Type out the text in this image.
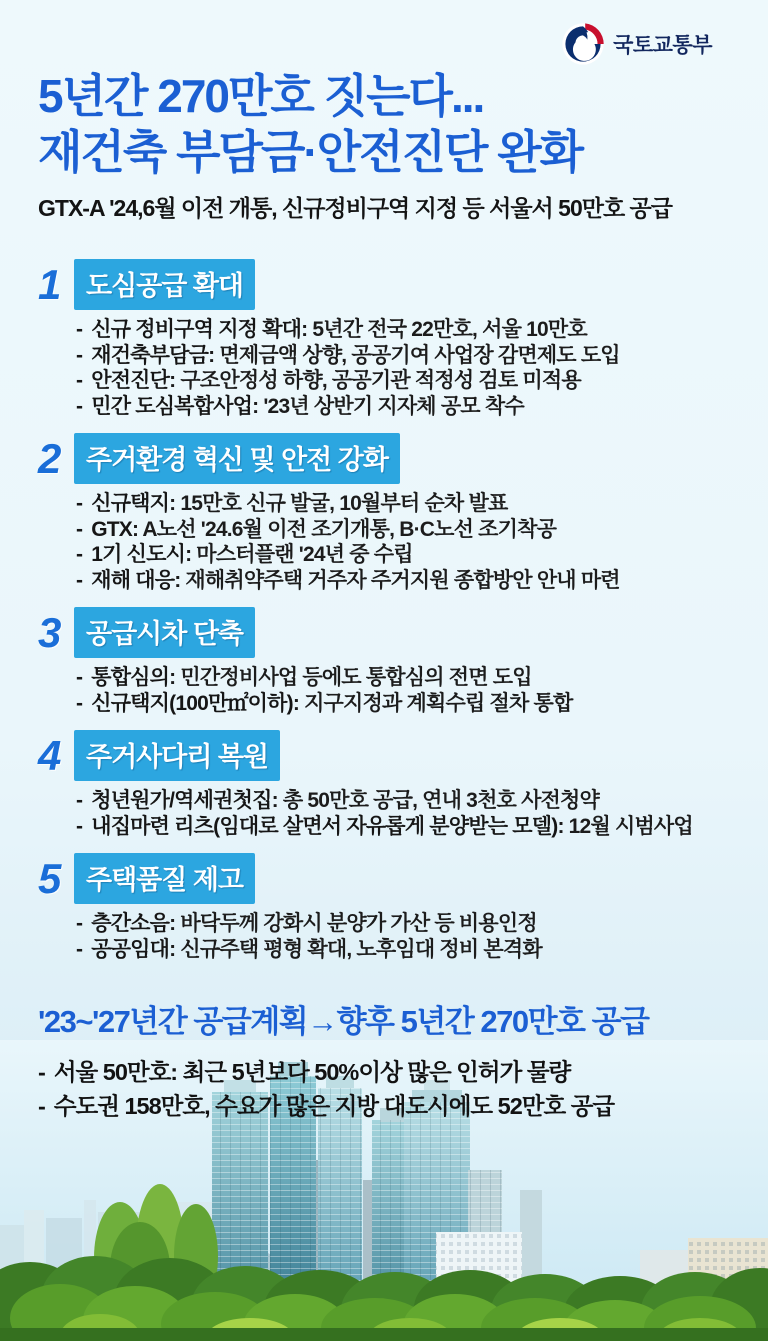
국토교통부
5년간 270만호 짓는다...
재건축 부담금·안전진단 완화

GTX-A '24,6월 이전 개통, 신규정비구역 지정 등 서울서 50만호 공급

1 도심공급 확대
- 신규 정비구역 지정 확대: 5년간 전국 22만호, 서울 10만호
- 재건축부담금: 면제금액 상향, 공공기여 사업장 감면제도 도입
- 안전진단: 구조안정성 하향, 공공기관 적정성 검토 미적용
- 민간 도심복합사업: '23년 상반기 지자체 공모 착수
2 주거환경 혁신 및 안전 강화
- 신규택지: 15만호 신규 발굴, 10월부터 순차 발표
- GTX: A노선 '24.6월 이전 조기개통, B·C노선 조기착공
- 1기 신도시: 마스터플랜 '24년 중 수립
- 재해 대응: 재해취약주택 거주자 주거지원 종합방안 안내 마련
3 공급시차 단축
- 통합심의: 민간정비사업 등에도 통합심의 전면 도입
- 신규택지(100만㎡이하): 지구지정과 계획수립 절차 통합
4 주거사다리 복원
- 청년원가/역세권첫집: 총 50만호 공급, 연내 3천호 사전청약
- 내집마련 리츠(임대로 살면서 자유롭게 분양받는 모델): 12월 시범사업
5 주택품질 제고
- 층간소음: 바닥두께 강화시 분양가 가산 등 비용인정
- 공공임대: 신규주택 평형 확대, 노후임대 정비 본격화
'23~'27년간 공급계획→향후 5년간 270만호 공급
- 서울 50만호: 최근 5년보다 50%이상 많은 인허가 물량
- 수도권 158만호, 수요가 많은 지방 대도시에도 52만호 공급
